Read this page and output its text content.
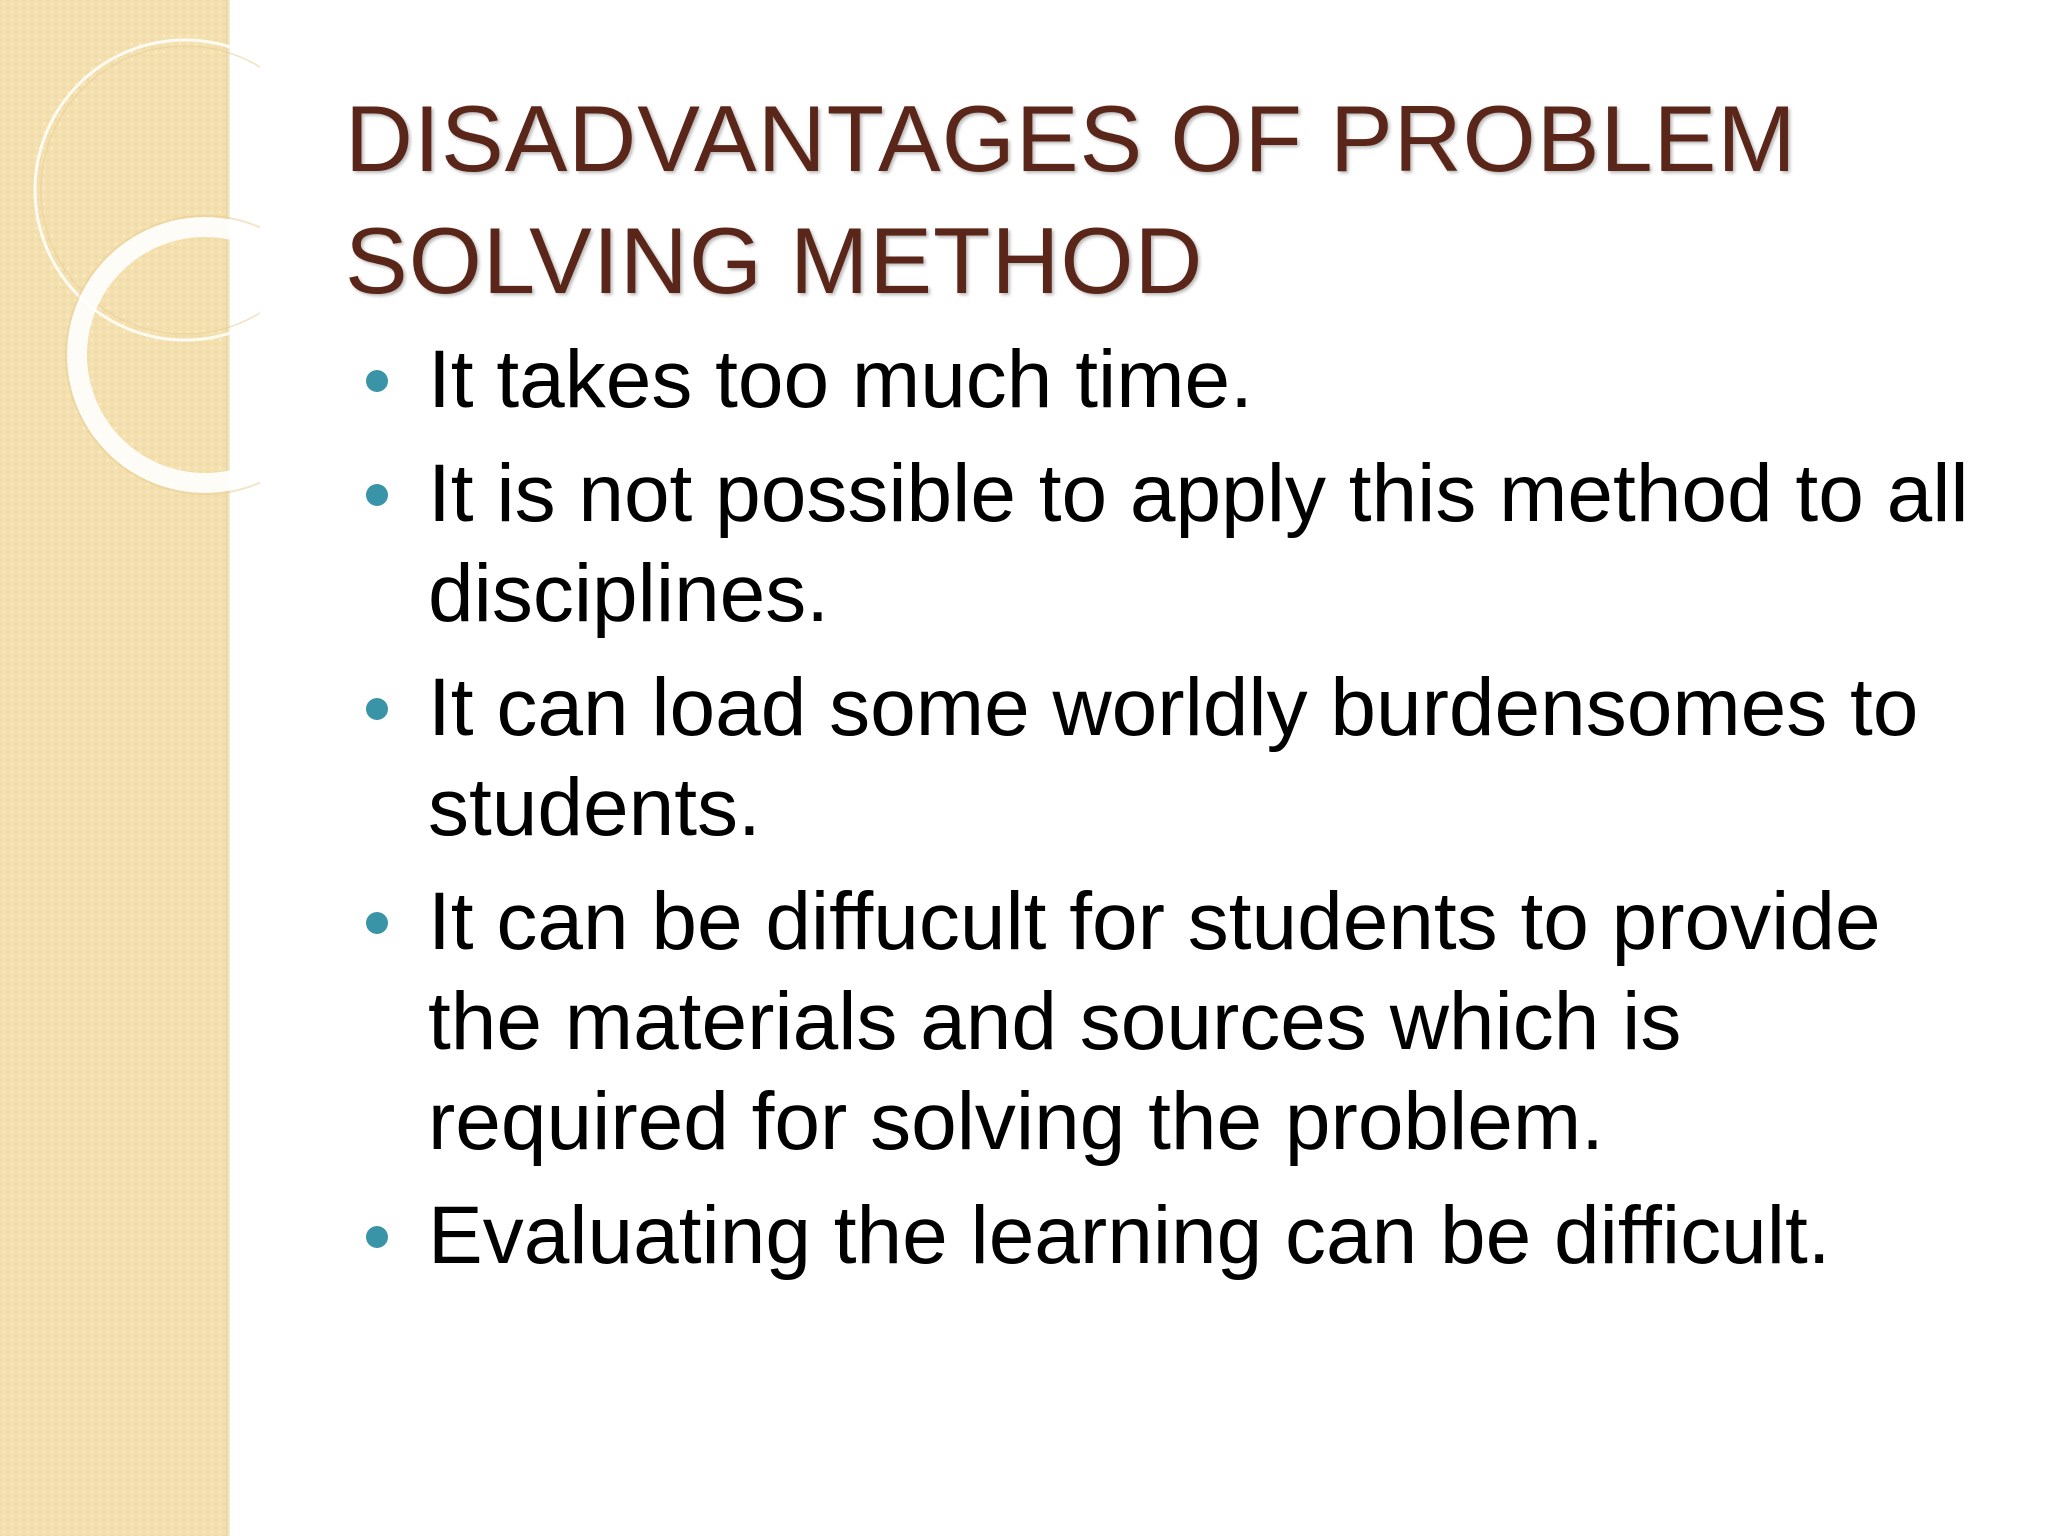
DISADVANTAGES OF PROBLEM
SOLVING METHOD
It takes too much time.
It is not possible to apply this method to all disciplines.
It can load some worldly burdensomes to students.
It can be diffucult for students to provide the materials and sources which is required for solving the problem.
Evaluating the learning can be difficult.
